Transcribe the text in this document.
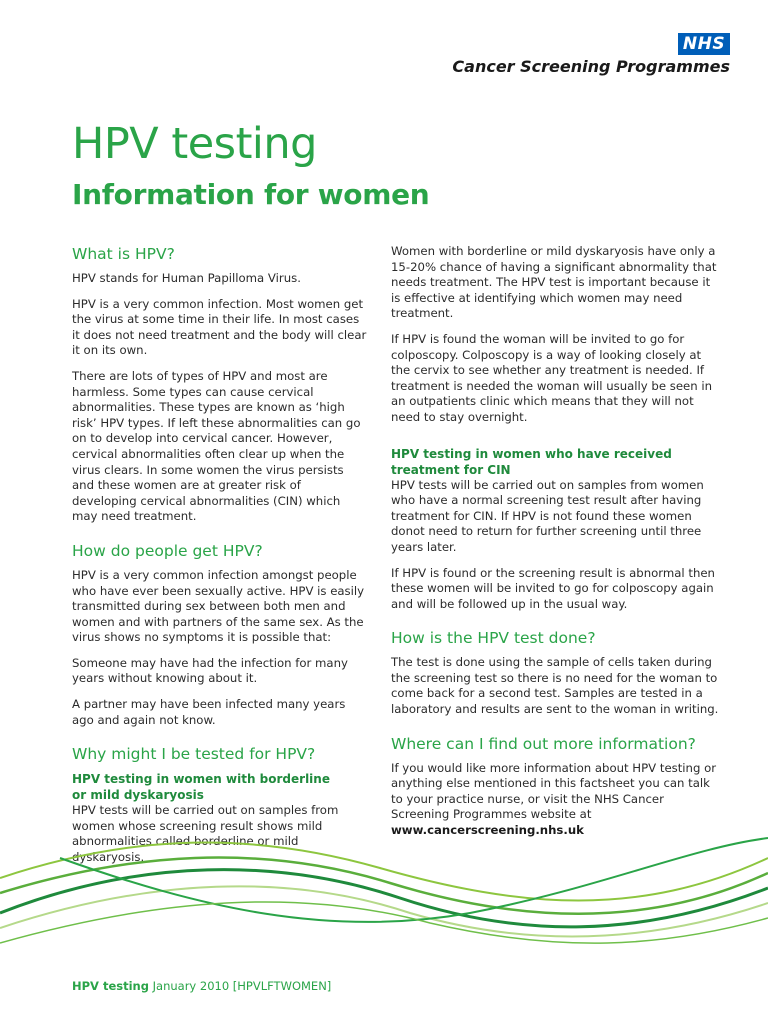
NHS
Cancer Screening Programmes
HPV testing
Information for women
What is HPV?

HPV stands for Human Papilloma Virus.

HPV is a very common infection. Most women get the virus at some time in their life. In most cases it does not need treatment and the body will clear it on its own.

There are lots of types of HPV and most are harmless. Some types can cause cervical abnormalities. These types are known as ‘high risk’ HPV types. If left these abnormalities can go on to develop into cervical cancer. However, cervical abnormalities often clear up when the virus clears. In some women the virus persists and these women are at greater risk of developing cervical abnormalities (CIN) which may need treatment.

How do people get HPV?

HPV is a very common infection amongst people who have ever been sexually active. HPV is easily transmitted during sex between both men and women and with partners of the same sex. As the virus shows no symptoms it is possible that:

Someone may have had the infection for many years without knowing about it.

A partner may have been infected many years ago and again not know.

Why might I be tested for HPV?
HPV testing in women with borderline
or mild dyskaryosis

HPV tests will be carried out on samples from women whose screening result shows mild abnormalities called borderline or mild dyskaryosis.

Women with borderline or mild dyskaryosis have only a 15-20% chance of having a significant abnormality that needs treatment. The HPV test is important because it is effective at identifying which women may need treatment.

If HPV is found the woman will be invited to go for colposcopy. Colposcopy is a way of looking closely at the cervix to see whether any treatment is needed. If treatment is needed the woman will usually be seen in an outpatients clinic which means that they will not need to stay overnight.

HPV testing in women who have received
treatment for CIN

HPV tests will be carried out on samples from women who have a normal screening test result after having treatment for CIN. If HPV is not found these women donot need to return for further screening until three years later.

If HPV is found or the screening result is abnormal then these women will be invited to go for colposcopy again and will be followed up in the usual way.

How is the HPV test done?

The test is done using the sample of cells taken during the screening test so there is no need for the woman to come back for a second test. Samples are tested in a laboratory and results are sent to the woman in writing.

Where can I find out more information?

If you would like more information about HPV testing or anything else mentioned in this factsheet you can talk to your practice nurse, or visit the NHS Cancer Screening Programmes website at www.cancerscreening.nhs.uk

HPV testing January 2010 [HPVLFTWOMEN]
